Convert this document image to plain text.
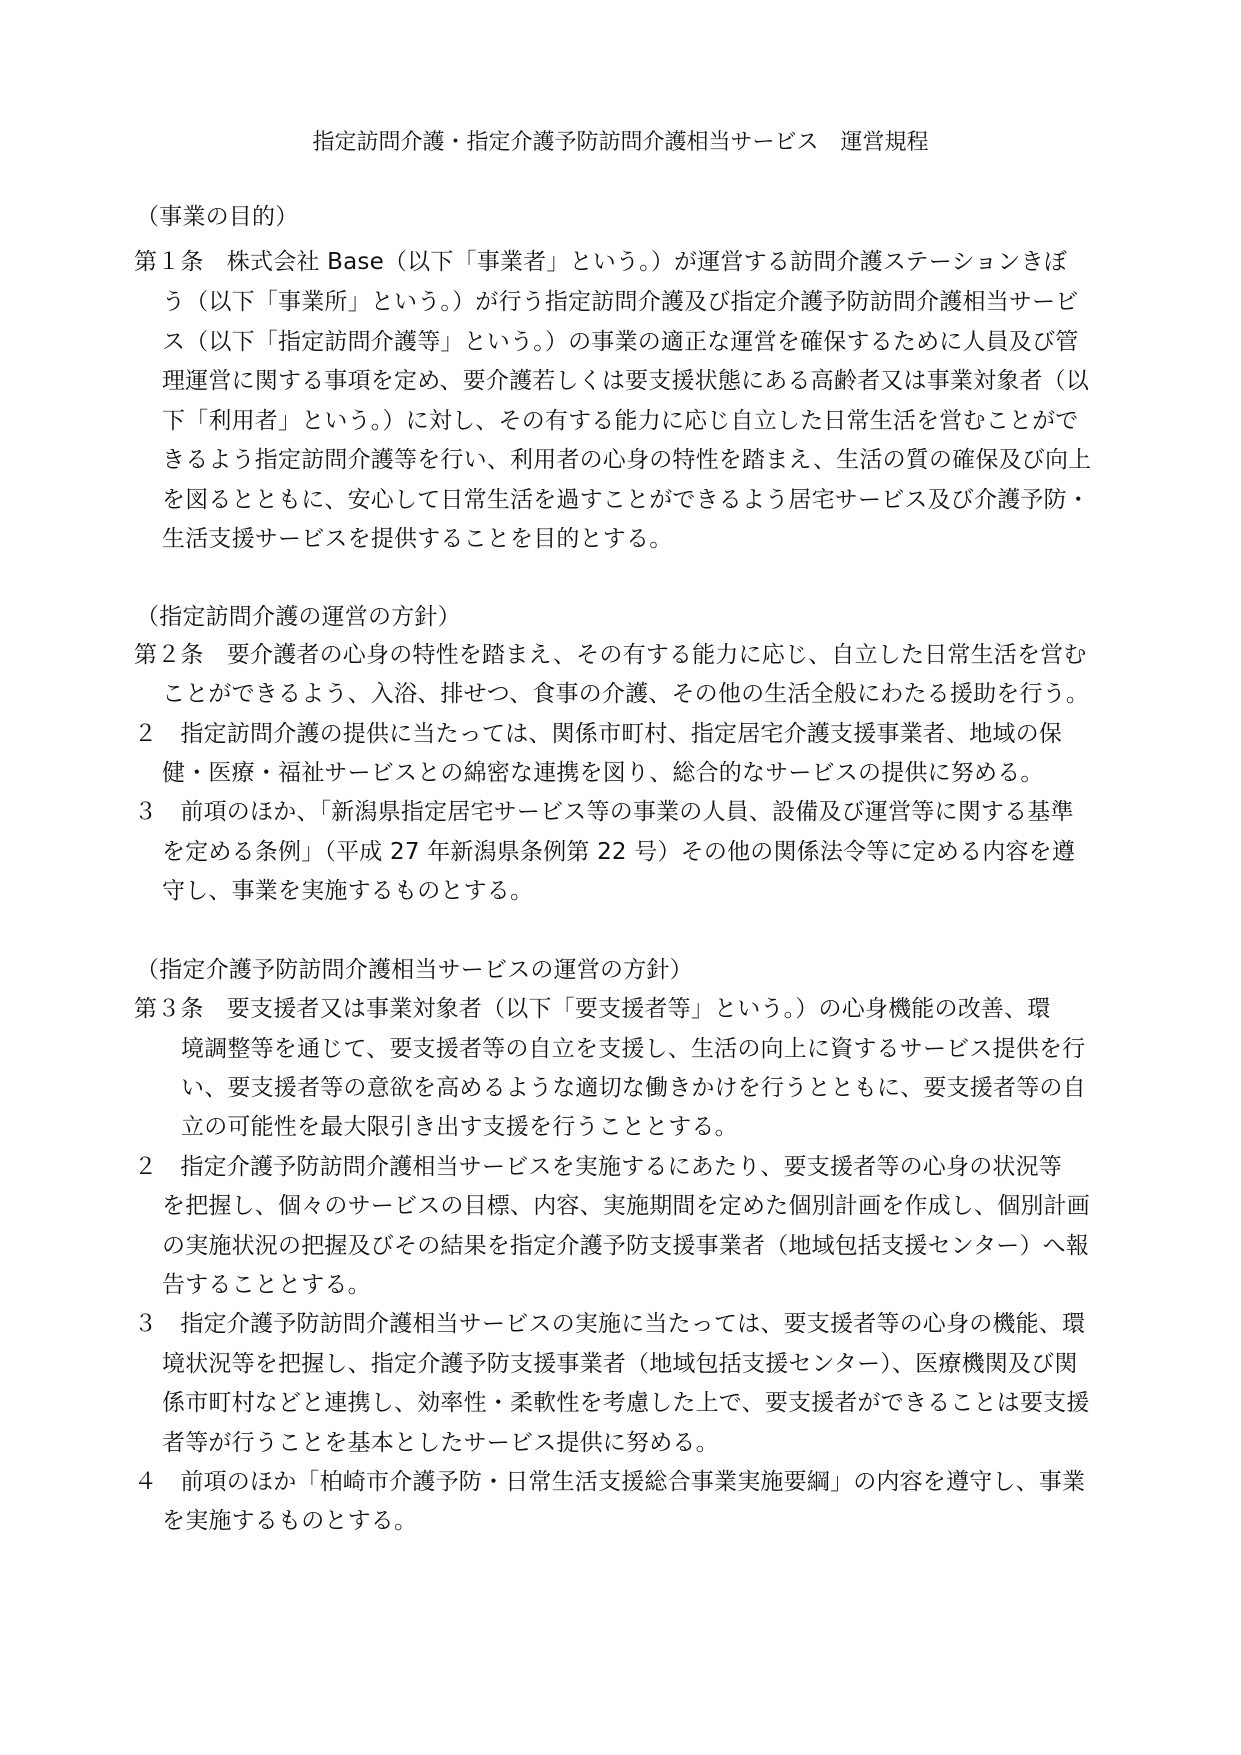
指定訪問介護・指定介護予防訪問介護相当サービス　運営規程
（事業の目的）
第１条　株式会社 Base（以下「事業者」という。）が運営する訪問介護ステーションきぼ
う（以下「事業所」という。）が行う指定訪問介護及び指定介護予防訪問介護相当サービ
ス（以下「指定訪問介護等」という。）の事業の適正な運営を確保するために人員及び管
理運営に関する事項を定め、要介護若しくは要支援状態にある高齢者又は事業対象者（以
下「利用者」という。）に対し、その有する能力に応じ自立した日常生活を営むことがで
きるよう指定訪問介護等を行い、利用者の心身の特性を踏まえ、生活の質の確保及び向上
を図るとともに、安心して日常生活を過すことができるよう居宅サービス及び介護予防・
生活支援サービスを提供することを目的とする。
（指定訪問介護の運営の方針）
第２条　要介護者の心身の特性を踏まえ、その有する能力に応じ、自立した日常生活を営む
ことができるよう、入浴、排せつ、食事の介護、その他の生活全般にわたる援助を行う。
２　指定訪問介護の提供に当たっては、関係市町村、指定居宅介護支援事業者、地域の保
健・医療・福祉サービスとの綿密な連携を図り、総合的なサービスの提供に努める。
３　前項のほか、「新潟県指定居宅サービス等の事業の人員、設備及び運営等に関する基準
を定める条例」（平成 27 年新潟県条例第 22 号）その他の関係法令等に定める内容を遵
守し、事業を実施するものとする。
（指定介護予防訪問介護相当サービスの運営の方針）
第３条　要支援者又は事業対象者（以下「要支援者等」という。）の心身機能の改善、環
境調整等を通じて、要支援者等の自立を支援し、生活の向上に資するサービス提供を行
い、要支援者等の意欲を高めるような適切な働きかけを行うとともに、要支援者等の自
立の可能性を最大限引き出す支援を行うこととする。
２　指定介護予防訪問介護相当サービスを実施するにあたり、要支援者等の心身の状況等
を把握し、個々のサービスの目標、内容、実施期間を定めた個別計画を作成し、個別計画
の実施状況の把握及びその結果を指定介護予防支援事業者（地域包括支援センター）へ報
告することとする。
３　指定介護予防訪問介護相当サービスの実施に当たっては、要支援者等の心身の機能、環
境状況等を把握し、指定介護予防支援事業者（地域包括支援センター）、医療機関及び関
係市町村などと連携し、効率性・柔軟性を考慮した上で、要支援者ができることは要支援
者等が行うことを基本としたサービス提供に努める。
４　前項のほか「柏崎市介護予防・日常生活支援総合事業実施要綱」の内容を遵守し、事業
を実施するものとする。
